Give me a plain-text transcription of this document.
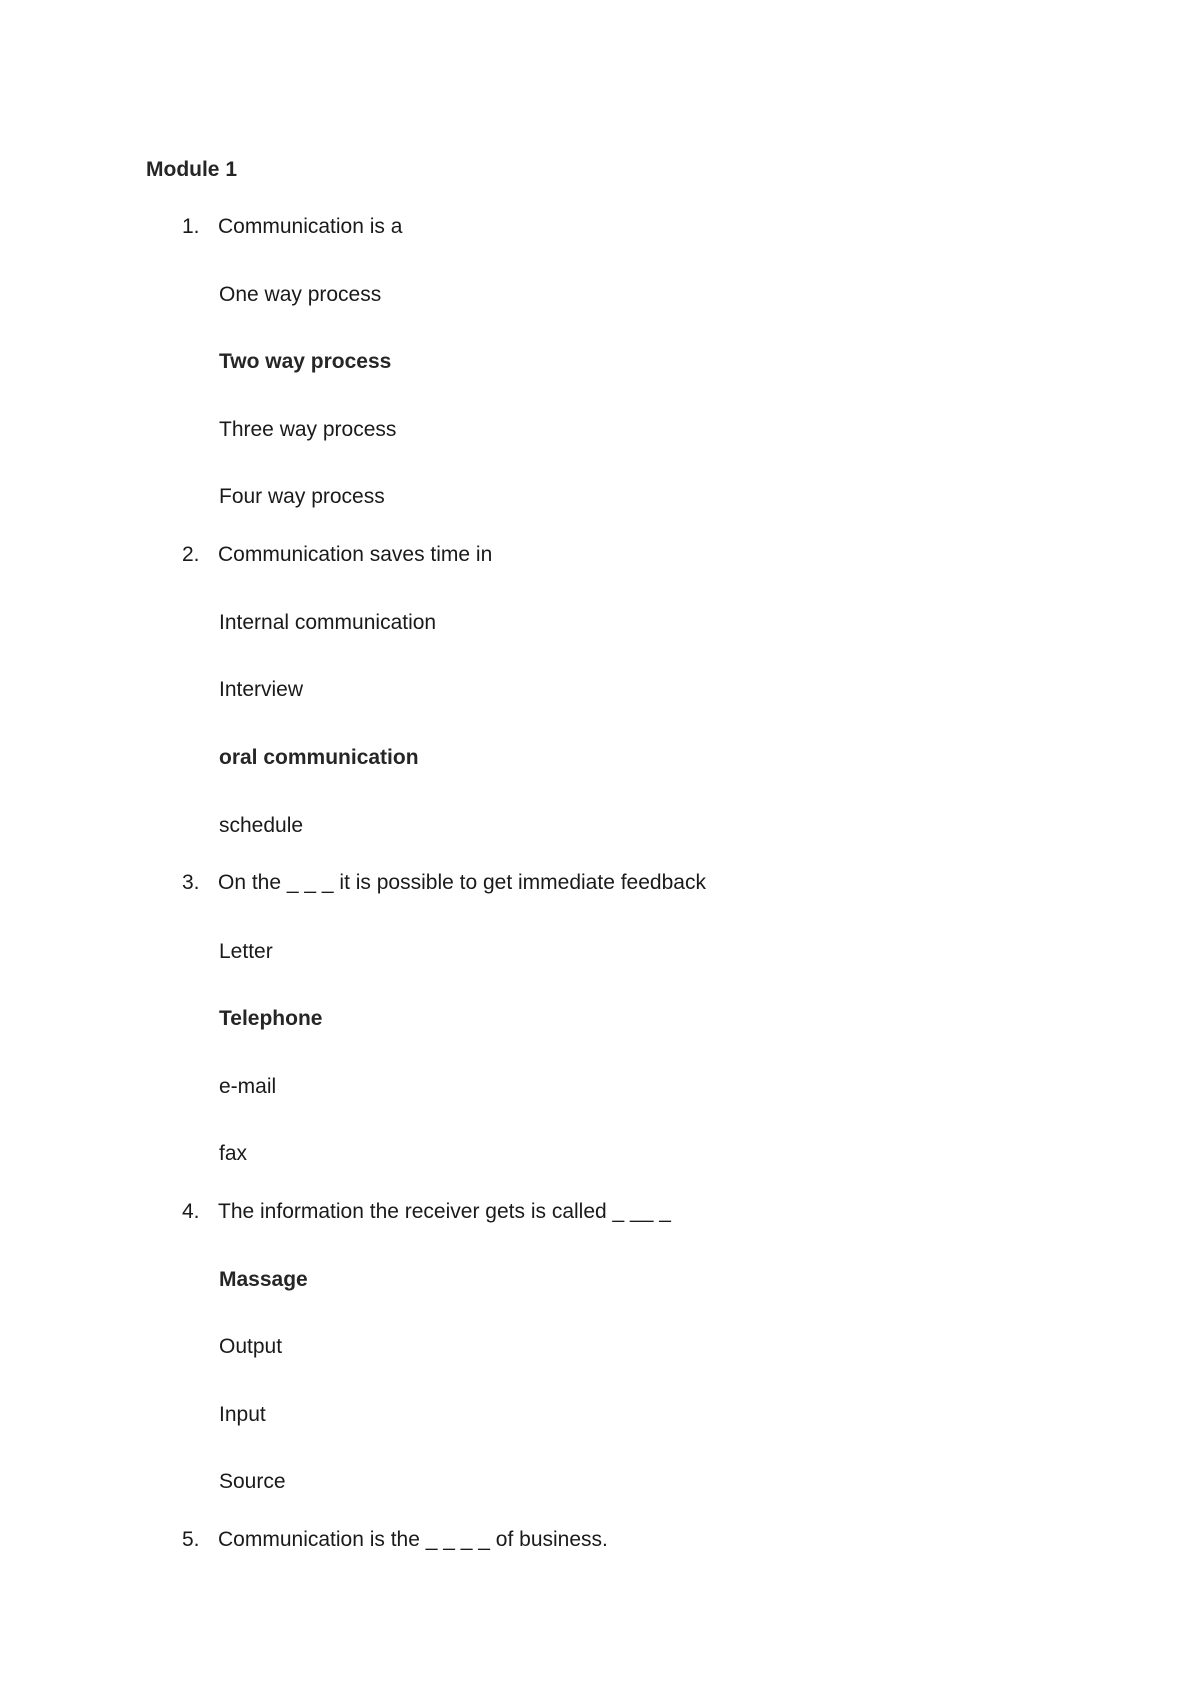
Module 1
1. Communication is a
One way process
Two way process
Three way process
Four way process
2. Communication saves time in
Internal communication
Interview
oral communication
schedule
3. On the _ _ _ it is possible to get immediate feedback
Letter
Telephone
e-mail
fax
4. The information the receiver gets is called _ __ _
Massage
Output
Input
Source
5. Communication is the _ _ _ _ of business.
